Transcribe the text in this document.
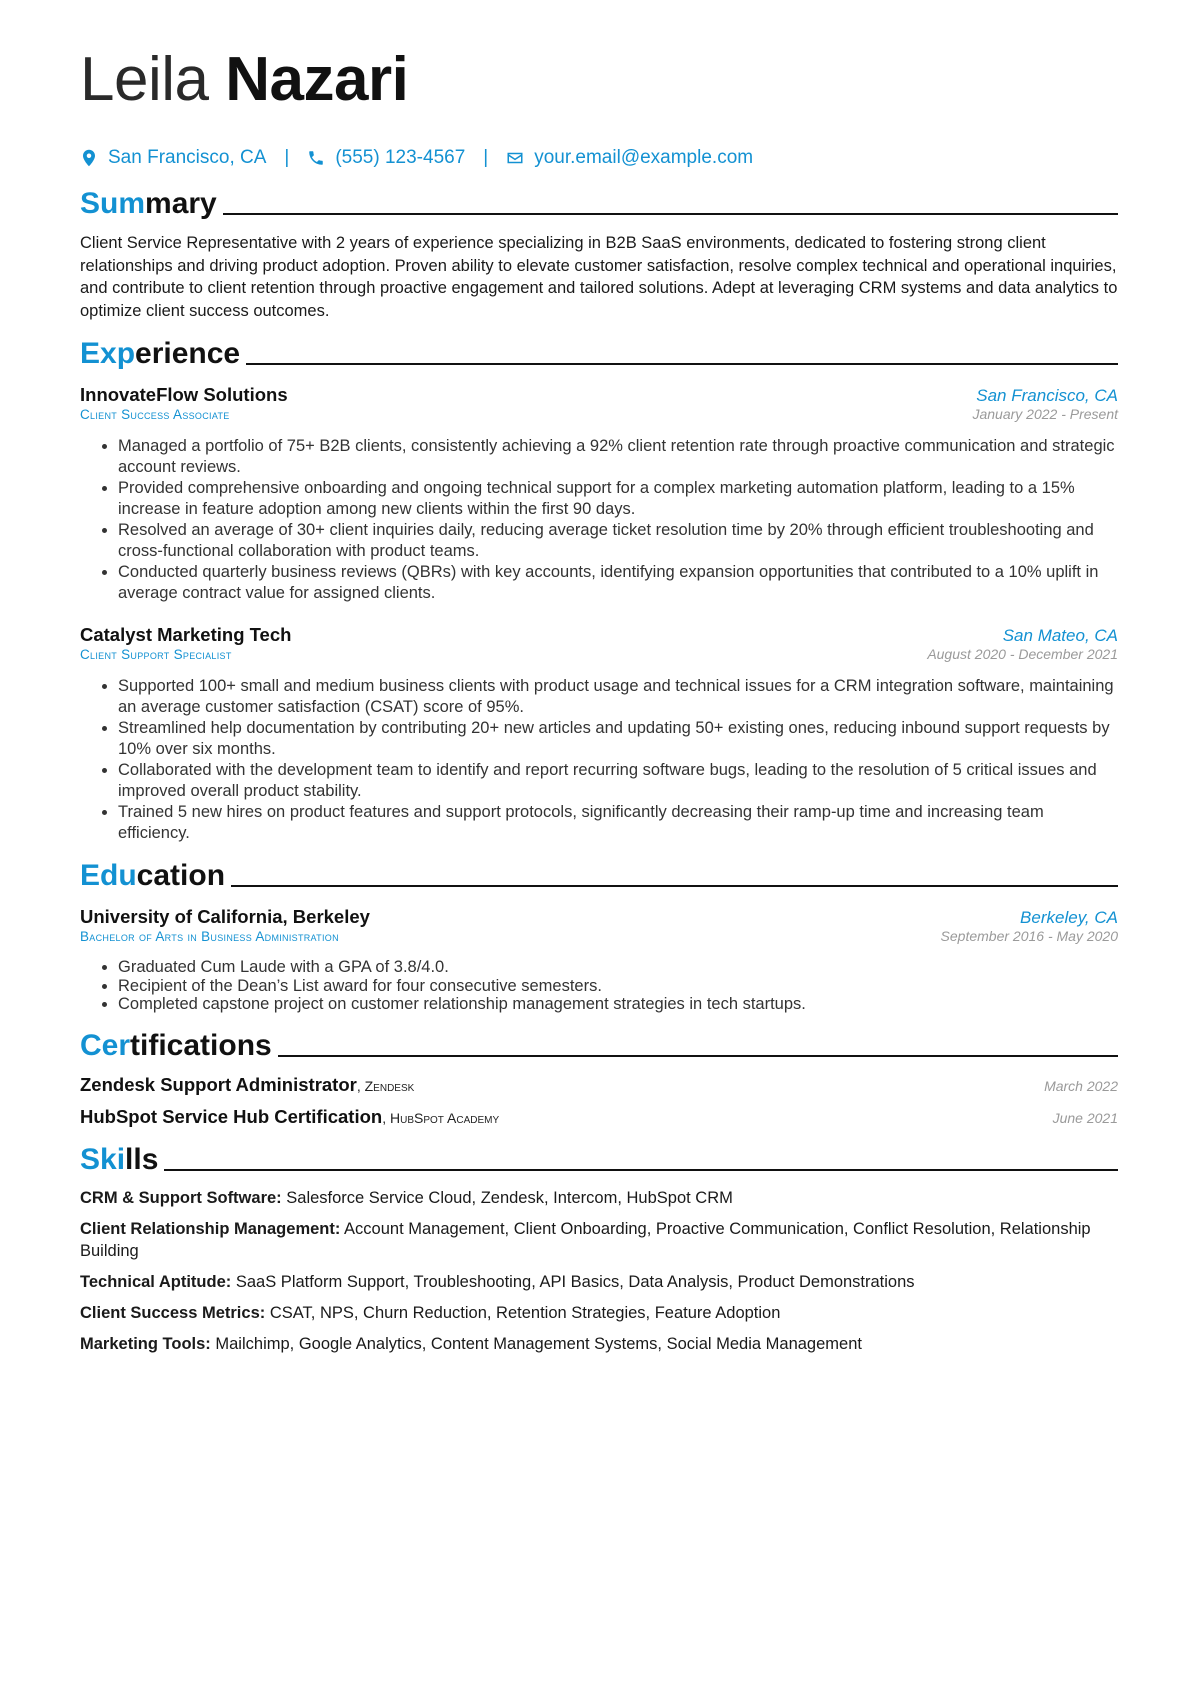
Leila Nazari
San Francisco, CA | (555) 123-4567 | your.email@example.com
Summary

Client Service Representative with 2 years of experience specializing in B2B SaaS environments, dedicated to fostering strong client relationships and driving product adoption. Proven ability to elevate customer satisfaction, resolve complex technical and operational inquiries, and contribute to client retention through proactive engagement and tailored solutions. Adept at leveraging CRM systems and data analytics to optimize client success outcomes.

Experience
InnovateFlow Solutions	San Francisco, CA
Client Success Associate	January 2022 - Present
• Managed a portfolio of 75+ B2B clients, consistently achieving a 92% client retention rate through proactive communication and strategic account reviews.
• Provided comprehensive onboarding and ongoing technical support for a complex marketing automation platform, leading to a 15% increase in feature adoption among new clients within the first 90 days.
• Resolved an average of 30+ client inquiries daily, reducing average ticket resolution time by 20% through efficient troubleshooting and cross-functional collaboration with product teams.
• Conducted quarterly business reviews (QBRs) with key accounts, identifying expansion opportunities that contributed to a 10% uplift in average contract value for assigned clients.
Catalyst Marketing Tech	San Mateo, CA
Client Support Specialist	August 2020 - December 2021
• Supported 100+ small and medium business clients with product usage and technical issues for a CRM integration software, maintaining an average customer satisfaction (CSAT) score of 95%.
• Streamlined help documentation by contributing 20+ new articles and updating 50+ existing ones, reducing inbound support requests by 10% over six months.
• Collaborated with the development team to identify and report recurring software bugs, leading to the resolution of 5 critical issues and improved overall product stability.
• Trained 5 new hires on product features and support protocols, significantly decreasing their ramp-up time and increasing team efficiency.
Education
University of California, Berkeley	Berkeley, CA
Bachelor of Arts in Business Administration	September 2016 - May 2020
• Graduated Cum Laude with a GPA of 3.8/4.0.
• Recipient of the Dean’s List award for four consecutive semesters.
• Completed capstone project on customer relationship management strategies in tech startups.
Certifications
Zendesk Support Administrator, Zendesk	March 2022
HubSpot Service Hub Certification, HubSpot Academy	June 2021
Skills
CRM & Support Software: Salesforce Service Cloud, Zendesk, Intercom, HubSpot CRM
Client Relationship Management: Account Management, Client Onboarding, Proactive Communication, Conflict Resolution, Relationship Building
Technical Aptitude: SaaS Platform Support, Troubleshooting, API Basics, Data Analysis, Product Demonstrations
Client Success Metrics: CSAT, NPS, Churn Reduction, Retention Strategies, Feature Adoption
Marketing Tools: Mailchimp, Google Analytics, Content Management Systems, Social Media Management
